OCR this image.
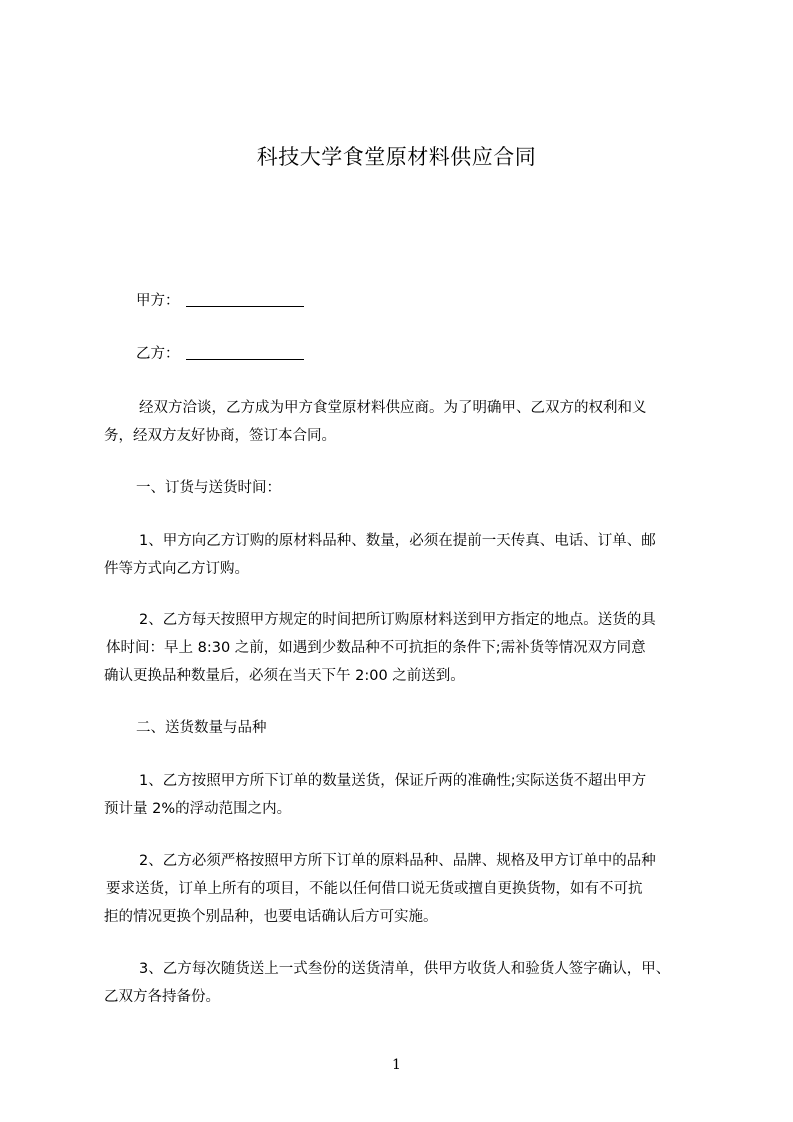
科技大学食堂原材料供应合同
甲方：
乙方：
经双方洽谈，乙方成为甲方食堂原材料供应商。为了明确甲、乙双方的权利和义
务，经双方友好协商，签订本合同。
一、订货与送货时间：
1、甲方向乙方订购的原材料品种、数量，必须在提前一天传真、电话、订单、邮
件等方式向乙方订购。
2、乙方每天按照甲方规定的时间把所订购原材料送到甲方指定的地点。送货的具
体时间：早上 8:30 之前，如遇到少数品种不可抗拒的条件下;需补货等情况双方同意
确认更换品种数量后，必须在当天下午 2:00 之前送到。
二、送货数量与品种
1、乙方按照甲方所下订单的数量送货，保证斤两的准确性;实际送货不超出甲方
预计量 2%的浮动范围之内。
2、乙方必须严格按照甲方所下订单的原料品种、品牌、规格及甲方订单中的品种
要求送货，订单上所有的项目，不能以任何借口说无货或擅自更换货物，如有不可抗
拒的情况更换个别品种，也要电话确认后方可实施。
3、乙方每次随货送上一式叁份的送货清单，供甲方收货人和验货人签字确认，甲、
乙双方各持备份。
1
